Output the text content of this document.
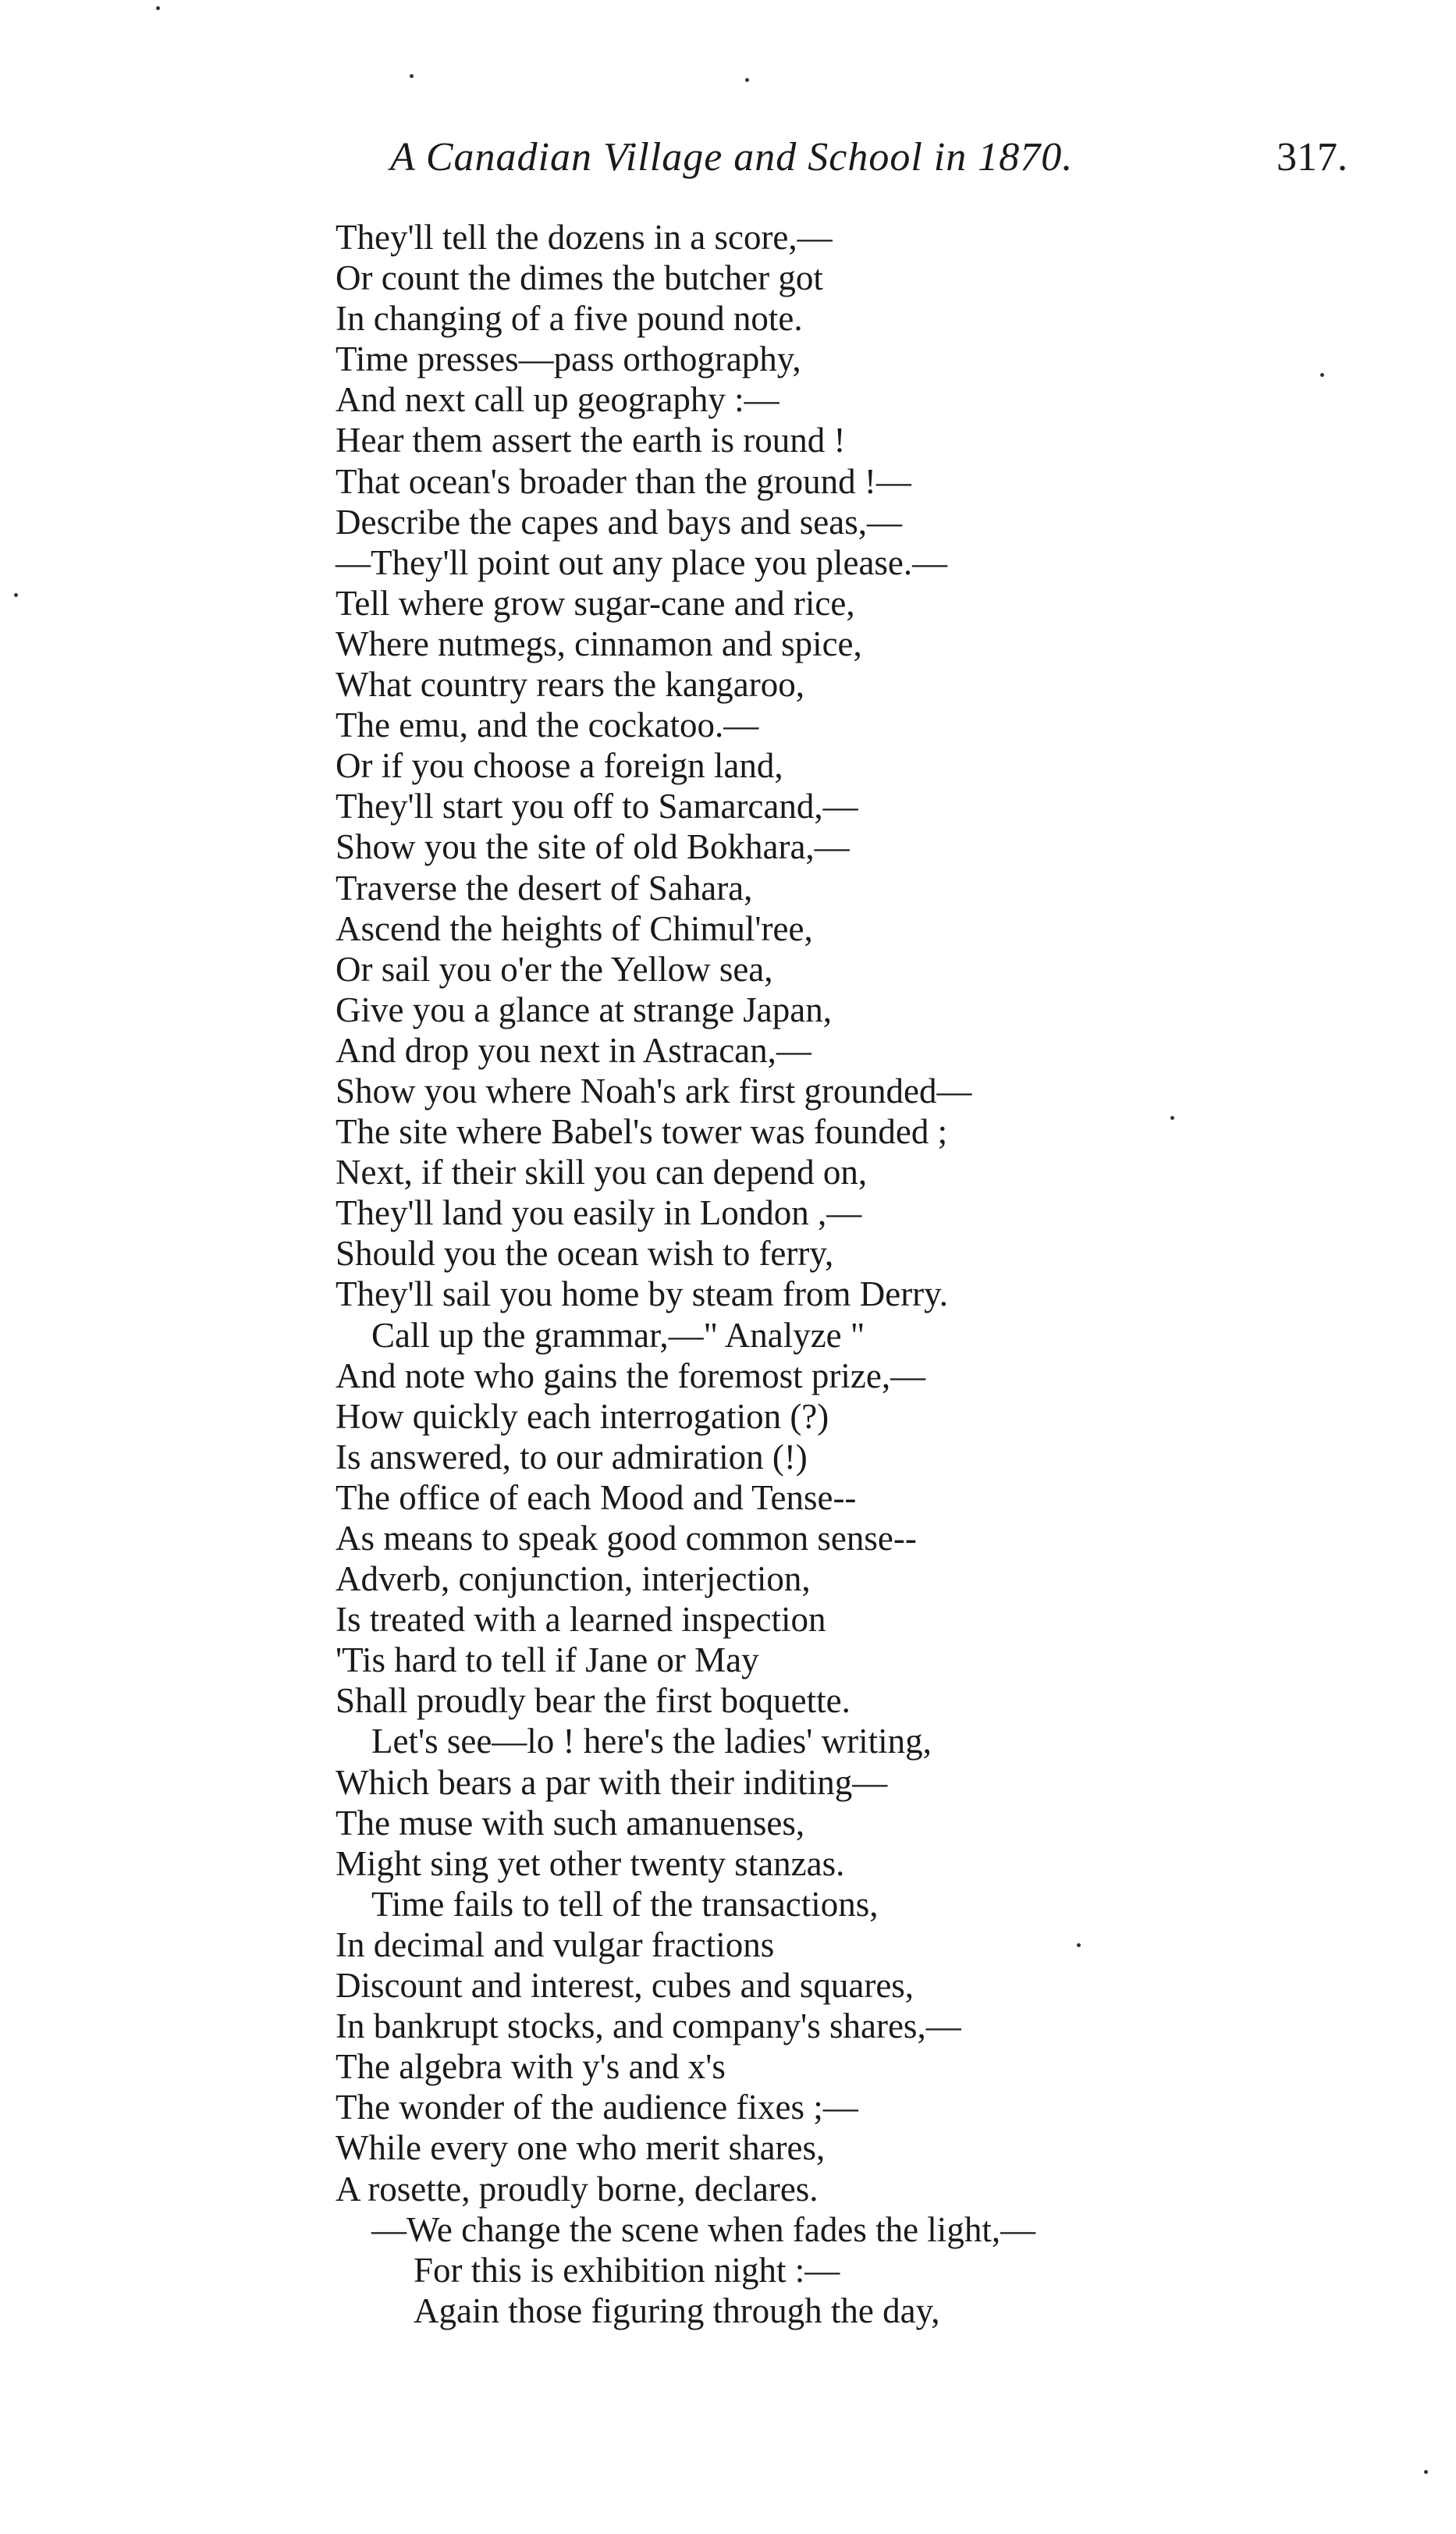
A Canadian Village and School in 1870.	317.
They'll tell the dozens in a score,—
Or count the dimes the butcher got
In changing of a five pound note.
Time presses—pass orthography,
And next call up geography :—
Hear them assert the earth is round !
That ocean's broader than the ground !—
Describe the capes and bays and seas,—
—They'll point out any place you please.—
Tell where grow sugar-cane and rice,
Where nutmegs, cinnamon and spice,
What country rears the kangaroo,
The emu, and the cockatoo.—
Or if you choose a foreign land,
They'll start you off to Samarcand,—
Show you the site of old Bokhara,—
Traverse the desert of Sahara,
Ascend the heights of Chimul'ree,
Or sail you o'er the Yellow sea,
Give you a glance at strange Japan,
And drop you next in Astracan,—
Show you where Noah's ark first grounded—
The site where Babel's tower was founded ;
Next, if their skill you can depend on,
They'll land you easily in London ,—
Should you the ocean wish to ferry,
They'll sail you home by steam from Derry.
Call up the grammar,—" Analyze "
And note who gains the foremost prize,—
How quickly each interrogation (?)
Is answered, to our admiration (!)
The office of each Mood and Tense--
As means to speak good common sense--
Adverb, conjunction, interjection,
Is treated with a learned inspection
'Tis hard to tell if Jane or May
Shall proudly bear the first boquette.
Let's see—lo ! here's the ladies' writing,
Which bears a par with their inditing—
The muse with such amanuenses,
Might sing yet other twenty stanzas.
Time fails to tell of the transactions,
In decimal and vulgar fractions
Discount and interest, cubes and squares,
In bankrupt stocks, and company's shares,—
The algebra with y's and x's
The wonder of the audience fixes ;—
While every one who merit shares,
A rosette, proudly borne, declares.
—We change the scene when fades the light,—
For this is exhibition night :—
Again those figuring through the day,
